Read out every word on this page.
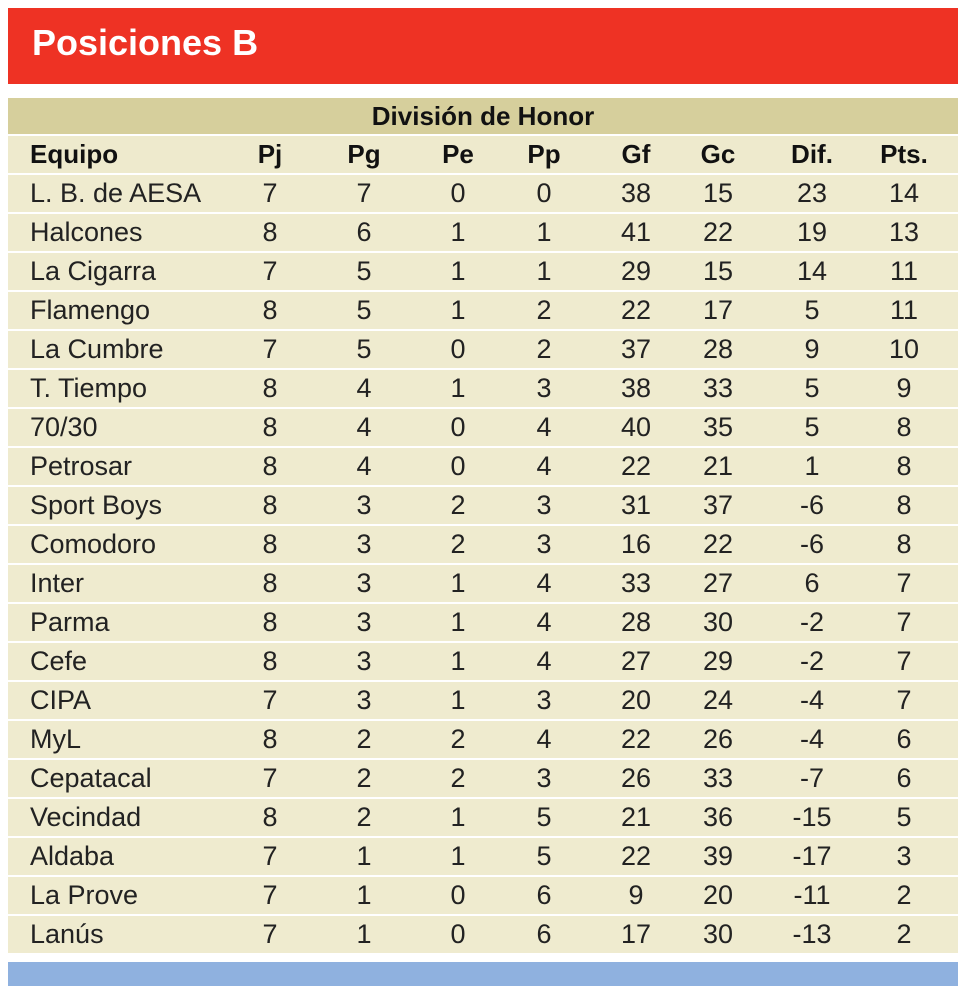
Posiciones B
División de Honor
Equipo	Pj	Pg	Pe	Pp	Gf	Gc	Dif.	Pts.
L. B. de AESA	7	7	0	0	38	15	23	14
Halcones	8	6	1	1	41	22	19	13
La Cigarra	7	5	1	1	29	15	14	11
Flamengo	8	5	1	2	22	17	5	11
La Cumbre	7	5	0	2	37	28	9	10
T. Tiempo	8	4	1	3	38	33	5	9
70/30	8	4	0	4	40	35	5	8
Petrosar	8	4	0	4	22	21	1	8
Sport Boys	8	3	2	3	31	37	-6	8
Comodoro	8	3	2	3	16	22	-6	8
Inter	8	3	1	4	33	27	6	7
Parma	8	3	1	4	28	30	-2	7
Cefe	8	3	1	4	27	29	-2	7
CIPA	7	3	1	3	20	24	-4	7
MyL	8	2	2	4	22	26	-4	6
Cepatacal	7	2	2	3	26	33	-7	6
Vecindad	8	2	1	5	21	36	-15	5
Aldaba	7	1	1	5	22	39	-17	3
La Prove	7	1	0	6	9	20	-11	2
Lanús	7	1	0	6	17	30	-13	2
